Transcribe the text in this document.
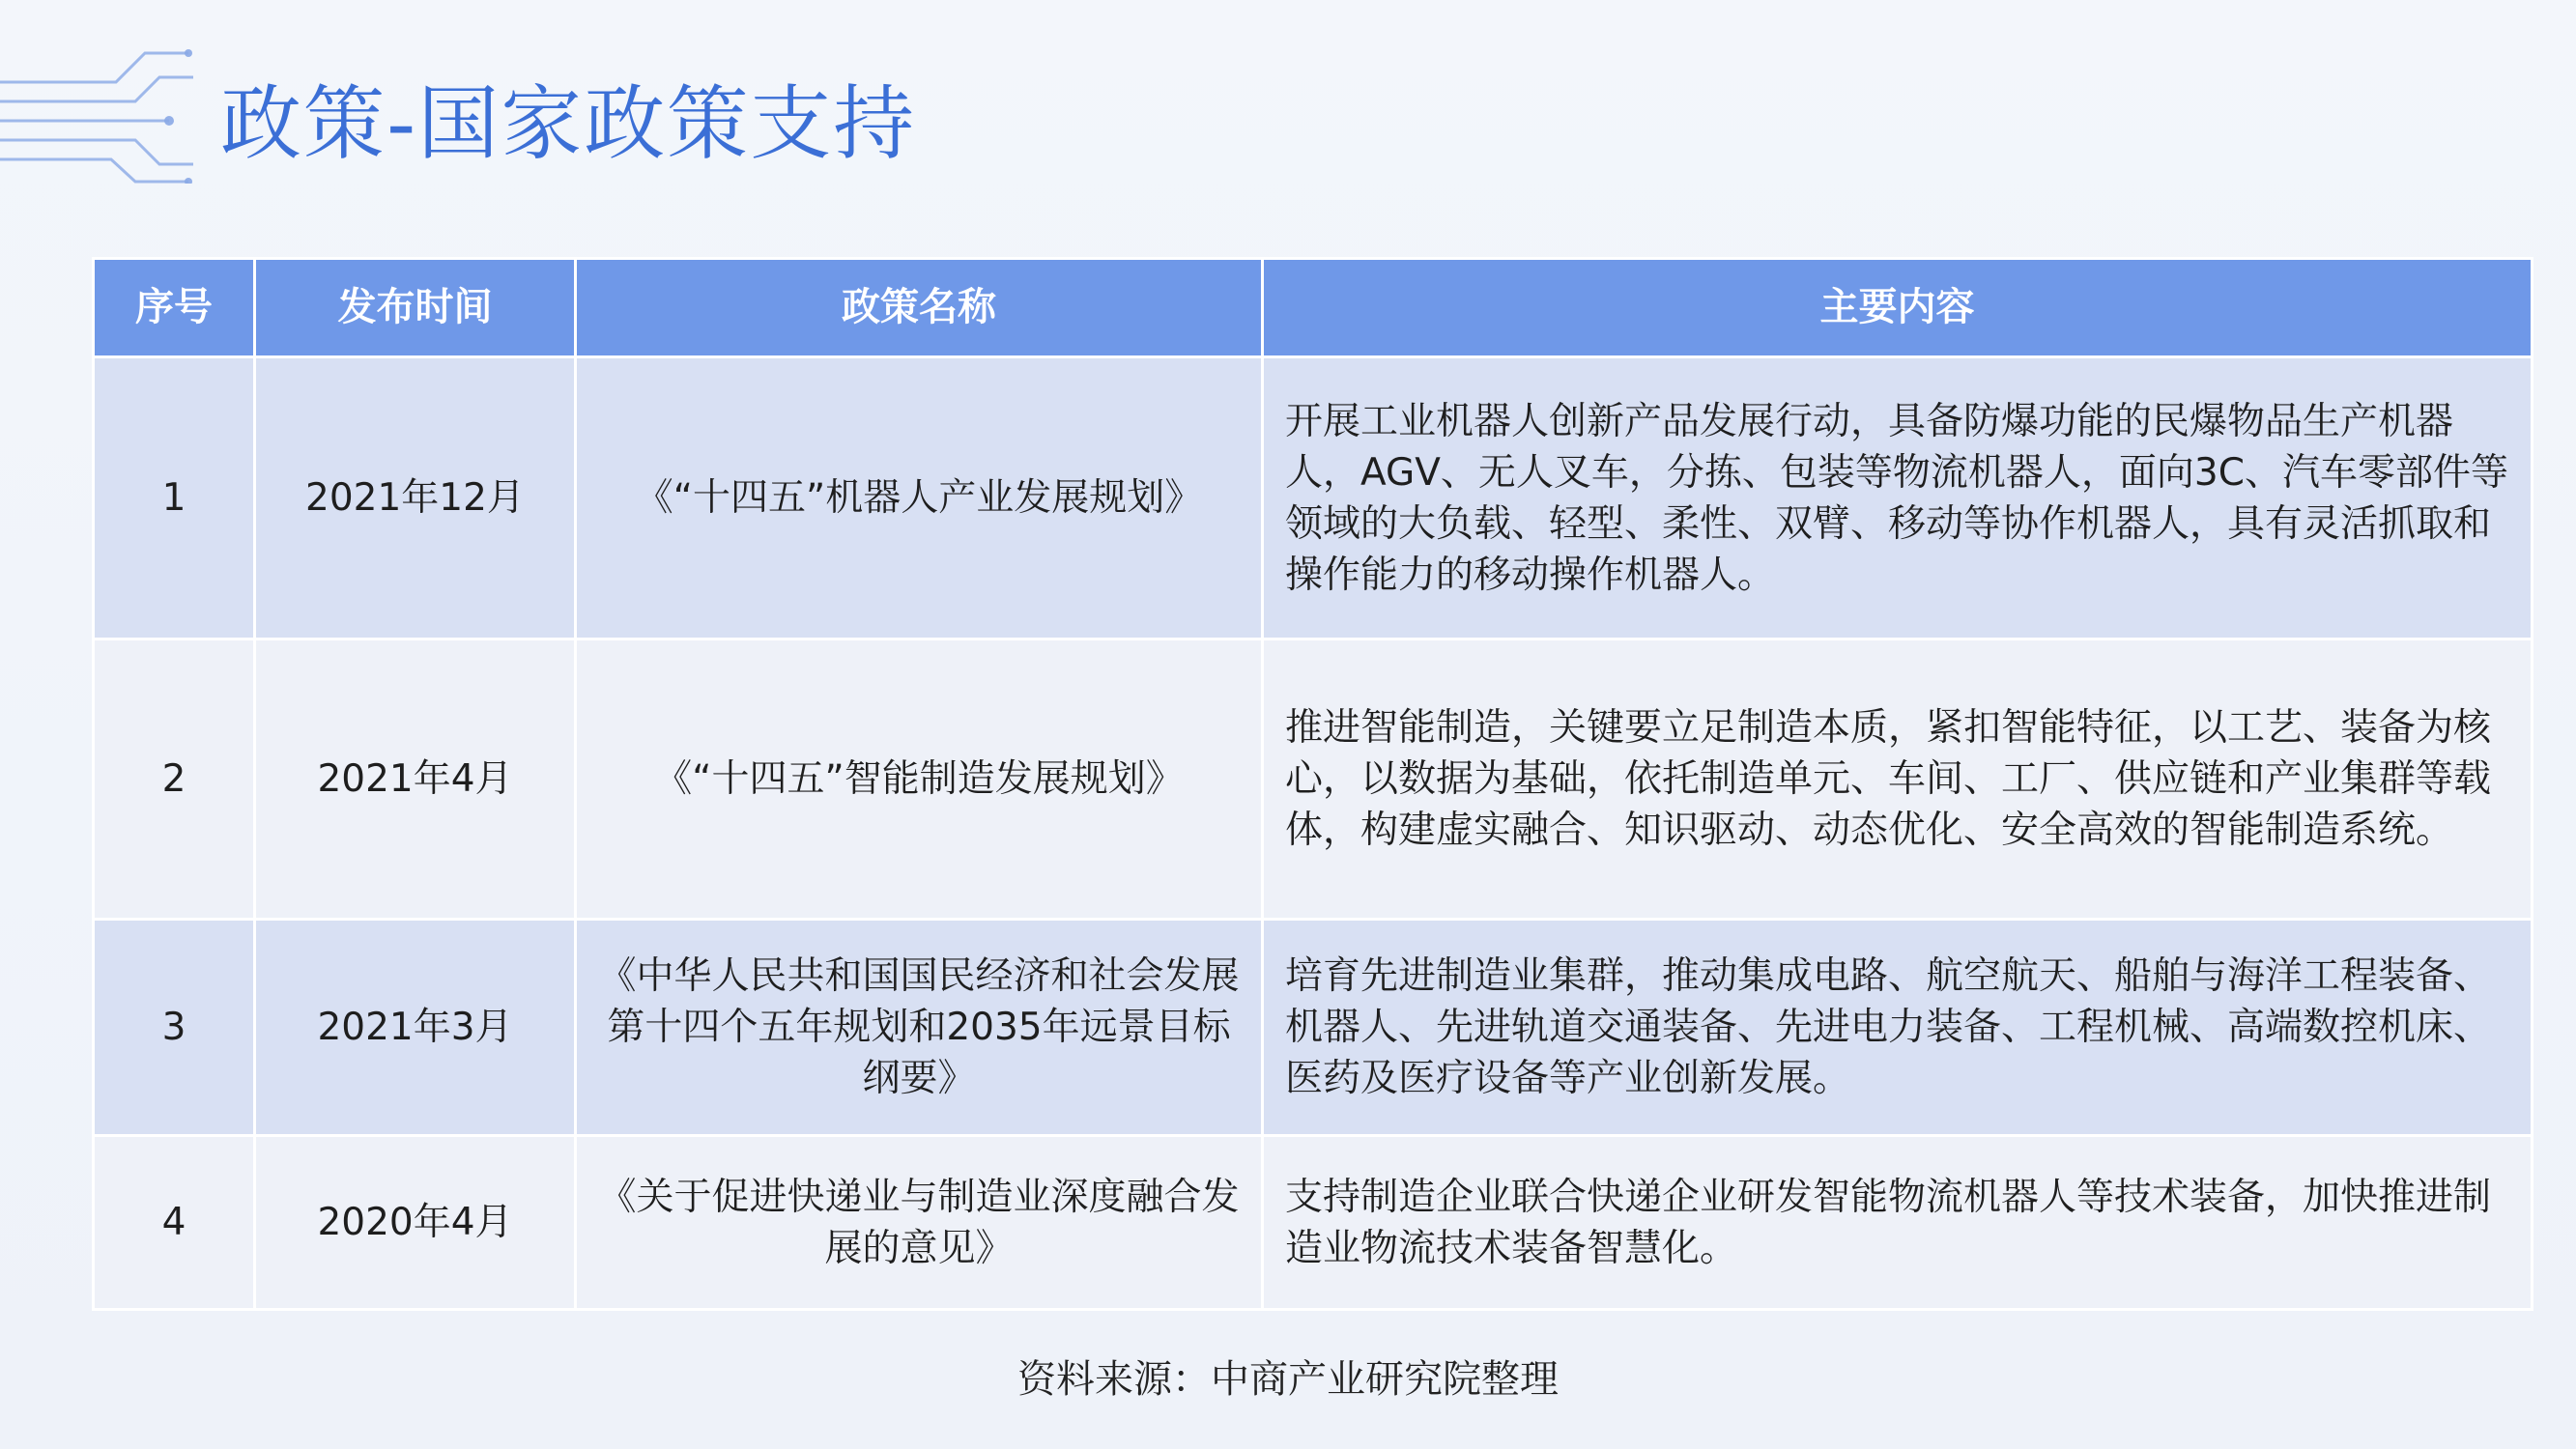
政策-国家政策支持
序号	发布时间	政策名称	主要内容
1	2021年12月	《“十四五”机器人产业发展规划》	开展工业机器人创新产品发展行动，具备防爆功能的民爆物品生产机器人，AGV、无人叉车，分拣、包装等物流机器人，面向3C、汽车零部件等领域的大负载、轻型、柔性、双臂、移动等协作机器人，具有灵活抓取和操作能力的移动操作机器人。
2	2021年4月	《“十四五”智能制造发展规划》	推进智能制造，关键要立足制造本质，紧扣智能特征，以工艺、装备为核心，以数据为基础，依托制造单元、车间、工厂、供应链和产业集群等载体，构建虚实融合、知识驱动、动态优化、安全高效的智能制造系统。
3	2021年3月	《中华人民共和国国民经济和社会发展第十四个五年规划和2035年远景目标纲要》	培育先进制造业集群，推动集成电路、航空航天、船舶与海洋工程装备、机器人、先进轨道交通装备、先进电力装备、工程机械、高端数控机床、医药及医疗设备等产业创新发展。
4	2020年4月	《关于促进快递业与制造业深度融合发展的意见》	支持制造企业联合快递企业研发智能物流机器人等技术装备，加快推进制造业物流技术装备智慧化。
资料来源：中商产业研究院整理
